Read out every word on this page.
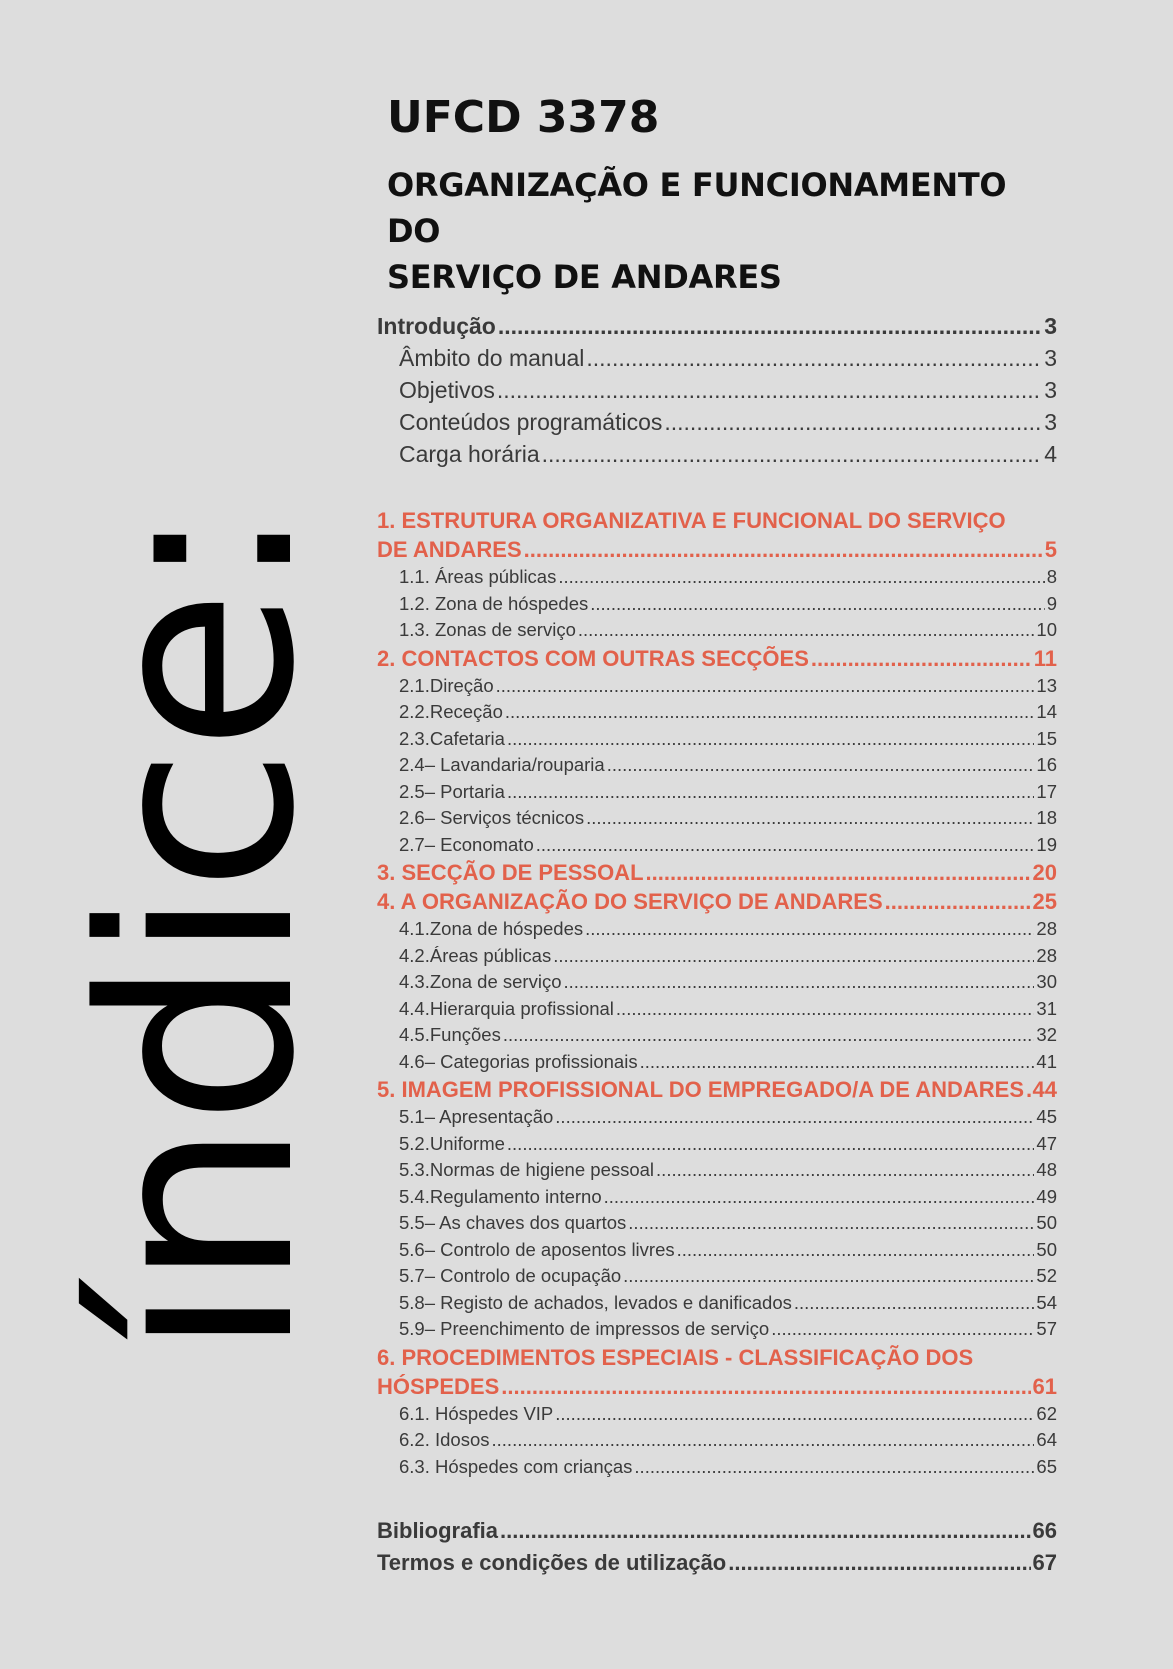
índice:
UFCD 3378
ORGANIZAÇÃO E FUNCIONAMENTO DO
SERVIÇO DE ANDARES
Introdução .....	3
Âmbito do manual .....	3
Objetivos .....	3
Conteúdos programáticos .....	3
Carga horária .....	4
1. ESTRUTURA ORGANIZATIVA E FUNCIONAL DO SERVIÇO
DE ANDARES .....	5
1.1. Áreas públicas .....	8
1.2. Zona de hóspedes .....	9
1.3. Zonas de serviço .....	10
2. CONTACTOS COM OUTRAS SECÇÕES .....	11
2.1.Direção .....	13
2.2.Receção .....	14
2.3.Cafetaria .....	15
2.4– Lavandaria/rouparia .....	16
2.5– Portaria .....	17
2.6– Serviços técnicos .....	18
2.7– Economato .....	19
3. SECÇÃO DE PESSOAL .....	20
4. A ORGANIZAÇÃO DO SERVIÇO DE ANDARES .....	25
4.1.Zona de hóspedes .....	28
4.2.Áreas públicas .....	28
4.3.Zona de serviço .....	30
4.4.Hierarquia profissional .....	31
4.5.Funções .....	32
4.6– Categorias profissionais .....	41
5. IMAGEM PROFISSIONAL DO EMPREGADO/A DE ANDARES ..... 44
5.1– Apresentação .....	45
5.2.Uniforme .....	47
5.3.Normas de higiene pessoal .....	48
5.4.Regulamento interno .....	49
5.5– As chaves dos quartos .....	50
5.6– Controlo de aposentos livres .....	50
5.7– Controlo de ocupação .....	52
5.8– Registo de achados, levados e danificados .....	54
5.9– Preenchimento de impressos de serviço .....	57
6. PROCEDIMENTOS ESPECIAIS - CLASSIFICAÇÃO DOS
HÓSPEDES .....	61
6.1. Hóspedes VIP .....	62
6.2. Idosos .....	64
6.3. Hóspedes com crianças .....	65
Bibliografia .....	66
Termos e condições de utilização .....	67
